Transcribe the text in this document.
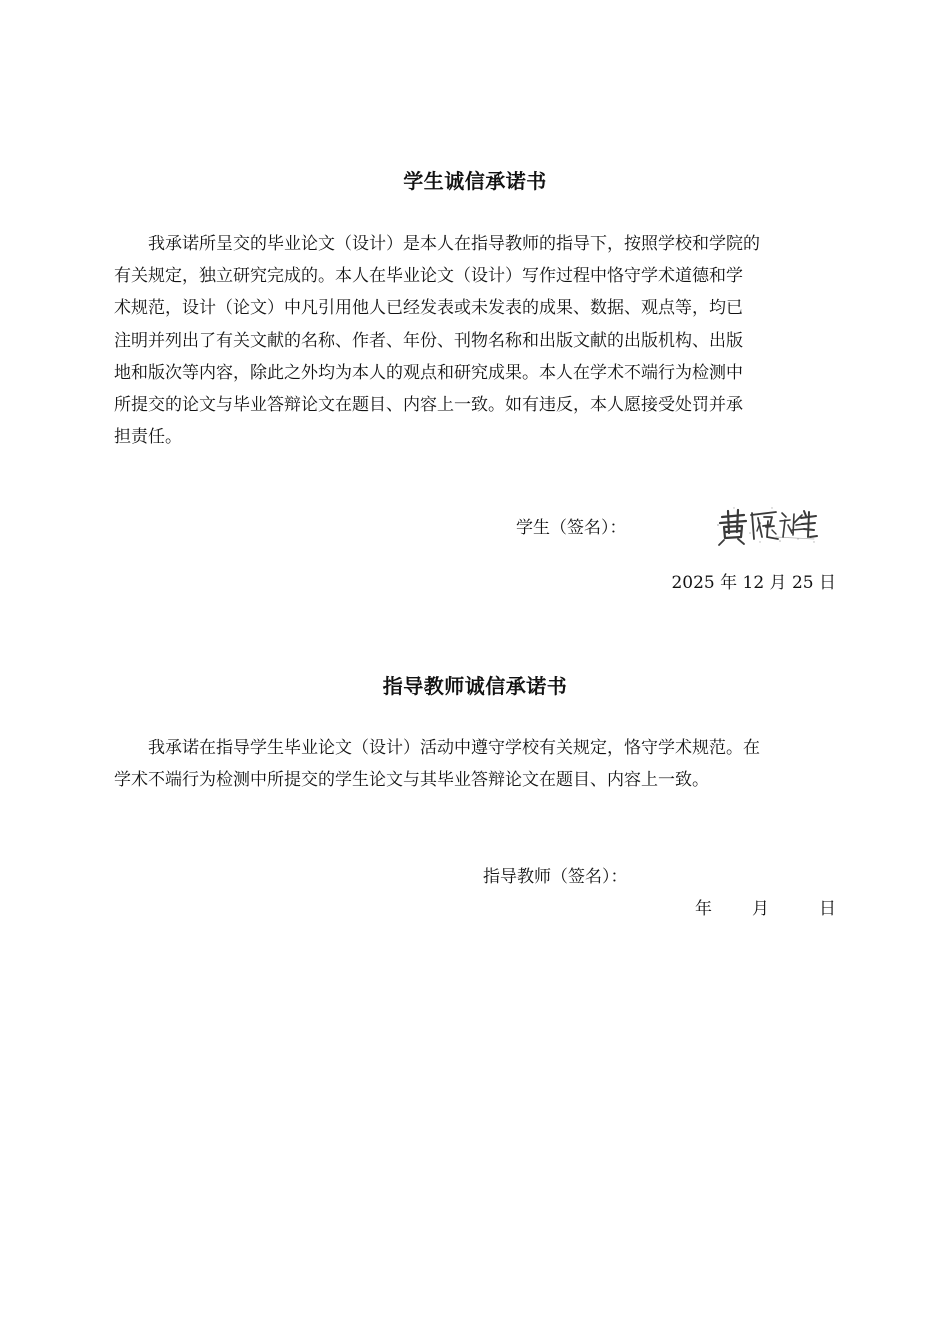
学生诚信承诺书
我承诺所呈交的毕业论文（设计）是本人在指导教师的指导下，按照学校和学院的
有关规定，独立研究完成的。本人在毕业论文（设计）写作过程中恪守学术道德和学
术规范，设计（论文）中凡引用他人已经发表或未发表的成果、数据、观点等，均已
注明并列出了有关文献的名称、作者、年份、刊物名称和出版文献的出版机构、出版
地和版次等内容，除此之外均为本人的观点和研究成果。本人在学术不端行为检测中
所提交的论文与毕业答辩论文在题目、内容上一致。如有违反，本人愿接受处罚并承
担责任。
学生（签名）：
2025 年 12 月 25 日
指导教师诚信承诺书
我承诺在指导学生毕业论文（设计）活动中遵守学校有关规定，恪守学术规范。在
学术不端行为检测中所提交的学生论文与其毕业答辩论文在题目、内容上一致。
指导教师（签名）：
年 月	日
